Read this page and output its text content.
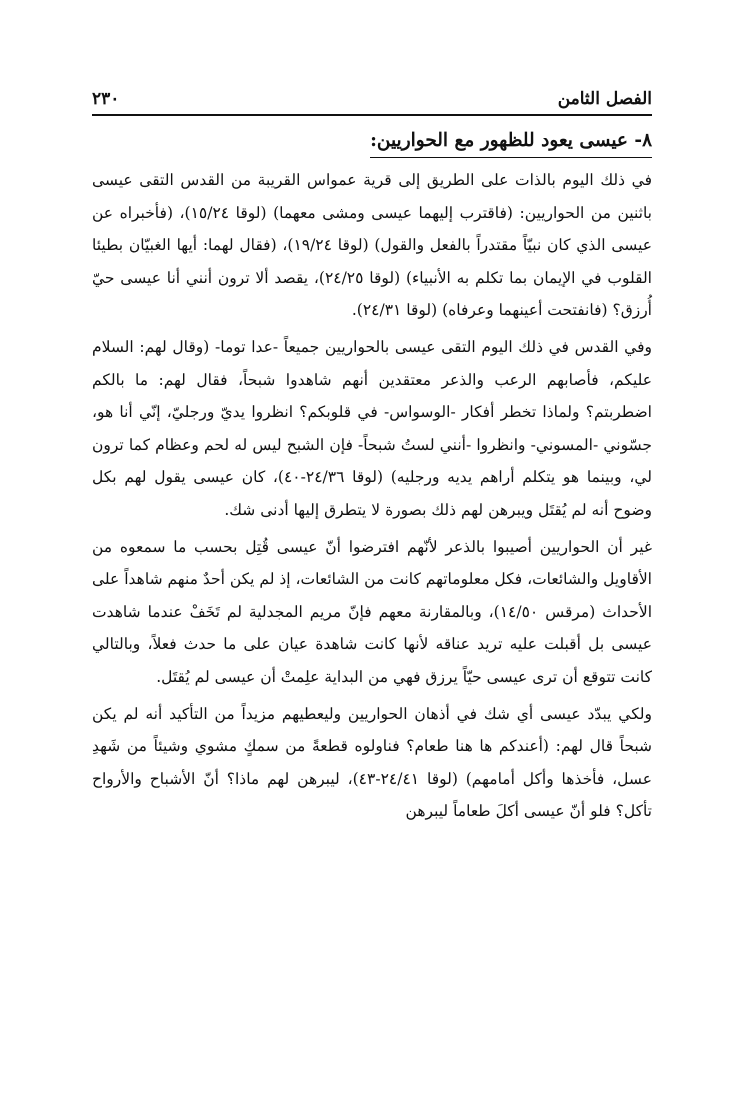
الفصل الثامن
٢٣٠
٨- عيسى يعود للظهور مع الحواريين:

في ذلك اليوم بالذات على الطريق إلى قرية عمواس القريبة من القدس التقى عيسى باثنين من الحواريين: (فاقترب إليهما عيسى ومشى معهما) (لوقا ١٥/٢٤)، (فأخبراه عن عيسى الذي كان نبيّاً مقتدراً بالفعل والقول) (لوقا ١٩/٢٤)، (فقال لهما: أيها الغبيّان بطيئا القلوب في الإيمان بما تكلم به الأنبياء) (لوقا ٢٤/٢٥)، يقصد ألا ترون أنني أنا عيسى حيّ أُرزق؟ (فانفتحت أعينهما وعرفاه) (لوقا ٢٤/٣١).

وفي القدس في ذلك اليوم التقى عيسى بالحواريين جميعاً -عدا توما- (وقال لهم: السلام عليكم، فأصابهم الرعب والذعر معتقدين أنهم شاهدوا شبحاً، فقال لهم: ما بالكم اضطربتم؟ ولماذا تخطر أفكار -الوسواس- في قلوبكم؟ انظروا يديّ ورجليّ، إنّي أنا هو، جسّوني -المسوني- وانظروا -أنني لستُ شبحاً- فإن الشبح ليس له لحم وعظام كما ترون لي، وبينما هو يتكلم أراهم يديه ورجليه) (لوقا ٢٤/٣٦-٤٠)، كان عيسى يقول لهم بكل وضوح أنه لم يُقتَل ويبرهن لهم ذلك بصورة لا يتطرق إليها أدنى شك.

غير أن الحواريين أصيبوا بالذعر لأنّهم افترضوا أنّ عيسى قُتِل بحسب ما سمعوه من الأقاويل والشائعات، فكل معلوماتهم كانت من الشائعات، إذ لم يكن أحدٌ منهم شاهداً على الأحداث (مرقس ١٤/٥٠)، وبالمقارنة معهم فإنّ مريم المجدلية لم تَخَفْ عندما شاهدت عيسى بل أقبلت عليه تريد عناقه لأنها كانت شاهدة عيان على ما حدث فعلاً، وبالتالي كانت تتوقع أن ترى عيسى حيّاً يرزق فهي من البداية علِمتْ أن عيسى لم يُقتَل.

ولكي يبدّد عيسى أي شك في أذهان الحواريين وليعطيهم مزيداً من التأكيد أنه لم يكن شبحاً قال لهم: (أعندكم ها هنا طعام؟ فناولوه قطعةً من سمكٍ مشوي وشيئاً من شَهدِ عسل، فأخذها وأكل أمامهم) (لوقا ٢٤/٤١-٤٣)، ليبرهن لهم ماذا؟ أنّ الأشباح والأرواح تأكل؟ فلو أنّ عيسى أكلَ طعاماً ليبرهن
